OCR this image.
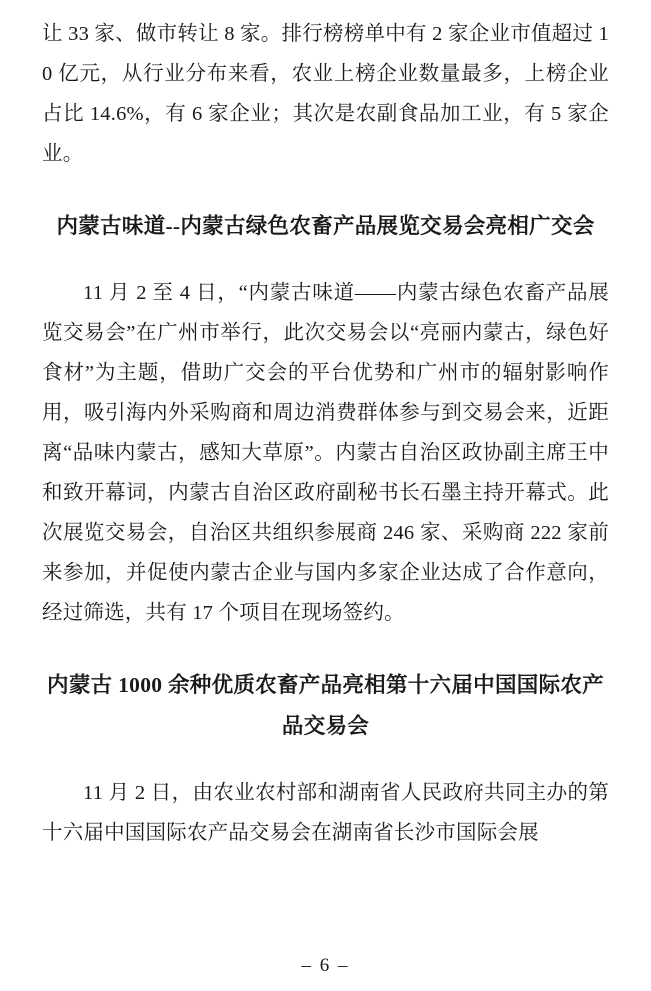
让 33 家、做市转让 8 家。排行榜榜单中有 2 家企业市值超过 10 亿元，从行业分布来看，农业上榜企业数量最多，上榜企业占比 14.6%，有 6 家企业；其次是农副食品加工业，有 5 家企业。

内蒙古味道--内蒙古绿色农畜产品展览交易会亮相广交会

11 月 2 至 4 日，“内蒙古味道——内蒙古绿色农畜产品展览交易会”在广州市举行，此次交易会以“亮丽内蒙古，绿色好食材”为主题，借助广交会的平台优势和广州市的辐射影响作用，吸引海内外采购商和周边消费群体参与到交易会来，近距离“品味内蒙古，感知大草原”。内蒙古自治区政协副主席王中和致开幕词，内蒙古自治区政府副秘书长石墨主持开幕式。此次展览交易会，自治区共组织参展商 246 家、采购商 222 家前来参加，并促使内蒙古企业与国内多家企业达成了合作意向，经过筛选，共有 17 个项目在现场签约。

内蒙古 1000 余种优质农畜产品亮相第十六届中国国际农产品交易会

11 月 2 日，由农业农村部和湖南省人民政府共同主办的第十六届中国国际农产品交易会在湖南省长沙市国际会展

– 6 –
